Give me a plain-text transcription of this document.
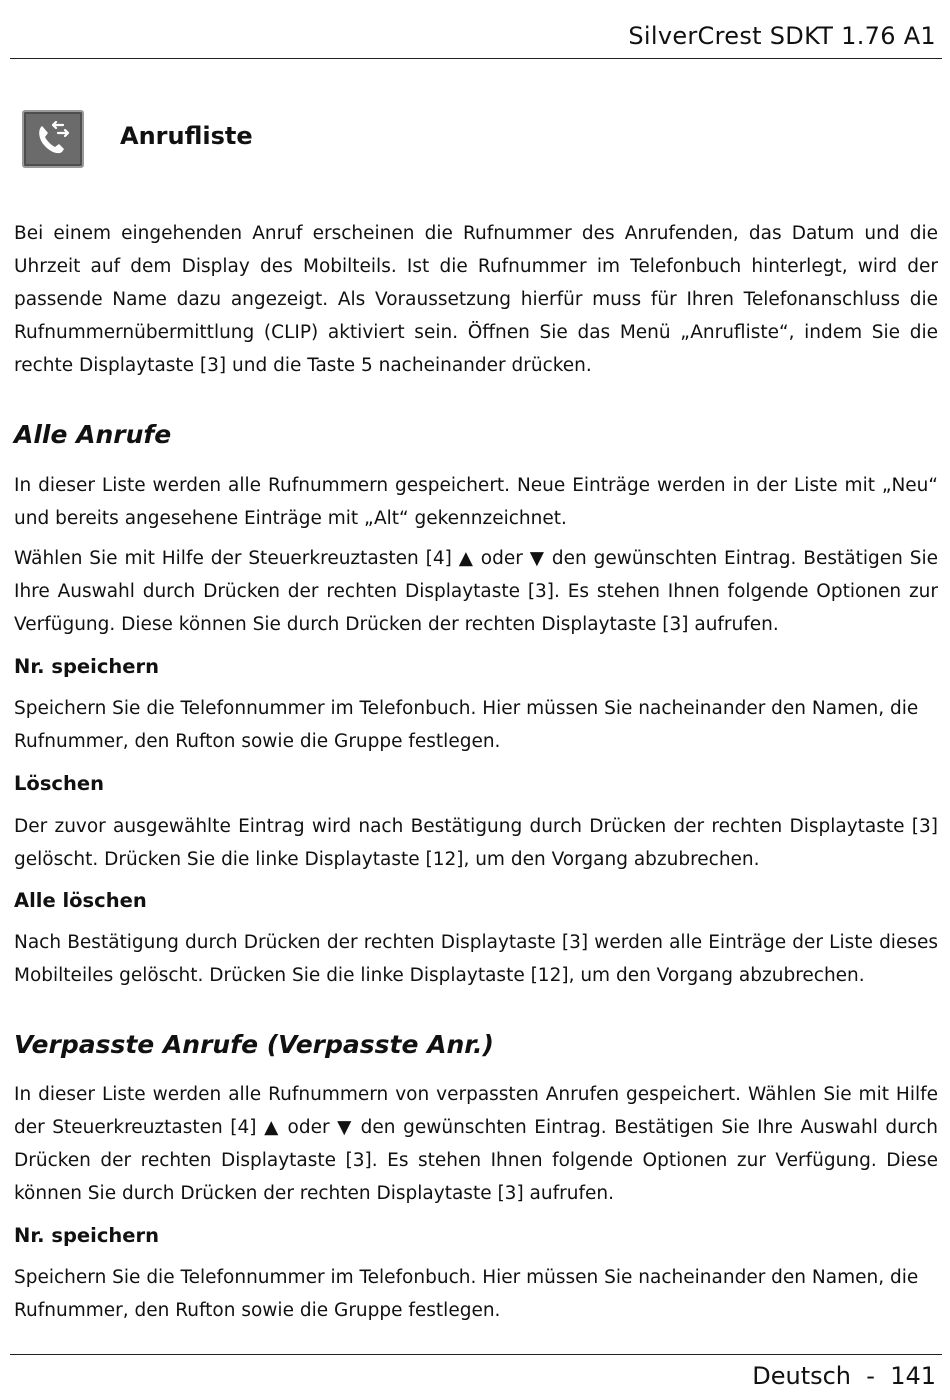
SilverCrest SDKT 1.76 A1
Anrufliste

Bei einem eingehenden Anruf erscheinen die Rufnummer des Anrufenden, das Datum und die Uhrzeit auf dem Display des Mobilteils. Ist die Rufnummer im Telefonbuch hinterlegt, wird der passende Name dazu angezeigt. Als Voraussetzung hierfür muss für Ihren Telefonanschluss die Rufnummernübermittlung (CLIP) aktiviert sein. Öffnen Sie das Menü „Anrufliste“, indem Sie die rechte Displaytaste [3] und die Taste 5 nacheinander drücken.

Alle Anrufe

In dieser Liste werden alle Rufnummern gespeichert. Neue Einträge werden in der Liste mit „Neu“ und bereits angesehene Einträge mit „Alt“ gekennzeichnet.

Wählen Sie mit Hilfe der Steuerkreuztasten [4] ▲ oder ▼ den gewünschten Eintrag. Bestätigen Sie Ihre Auswahl durch Drücken der rechten Displaytaste [3]. Es stehen Ihnen folgende Optionen zur Verfügung. Diese können Sie durch Drücken der rechten Displaytaste [3] aufrufen.

Nr. speichern

Speichern Sie die Telefonnummer im Telefonbuch. Hier müssen Sie nacheinander den Namen, die Rufnummer, den Rufton sowie die Gruppe festlegen.

Löschen

Der zuvor ausgewählte Eintrag wird nach Bestätigung durch Drücken der rechten Displaytaste [3] gelöscht. Drücken Sie die linke Displaytaste [12], um den Vorgang abzubrechen.

Alle löschen

Nach Bestätigung durch Drücken der rechten Displaytaste [3] werden alle Einträge der Liste dieses Mobilteiles gelöscht. Drücken Sie die linke Displaytaste [12], um den Vorgang abzubrechen.

Verpasste Anrufe (Verpasste Anr.)

In dieser Liste werden alle Rufnummern von verpassten Anrufen gespeichert. Wählen Sie mit Hilfe der Steuerkreuztasten [4] ▲ oder ▼ den gewünschten Eintrag. Bestätigen Sie Ihre Auswahl durch Drücken der rechten Displaytaste [3]. Es stehen Ihnen folgende Optionen zur Verfügung. Diese können Sie durch Drücken der rechten Displaytaste [3] aufrufen.

Nr. speichern

Speichern Sie die Telefonnummer im Telefonbuch. Hier müssen Sie nacheinander den Namen, die Rufnummer, den Rufton sowie die Gruppe festlegen.

Deutsch  -  141
